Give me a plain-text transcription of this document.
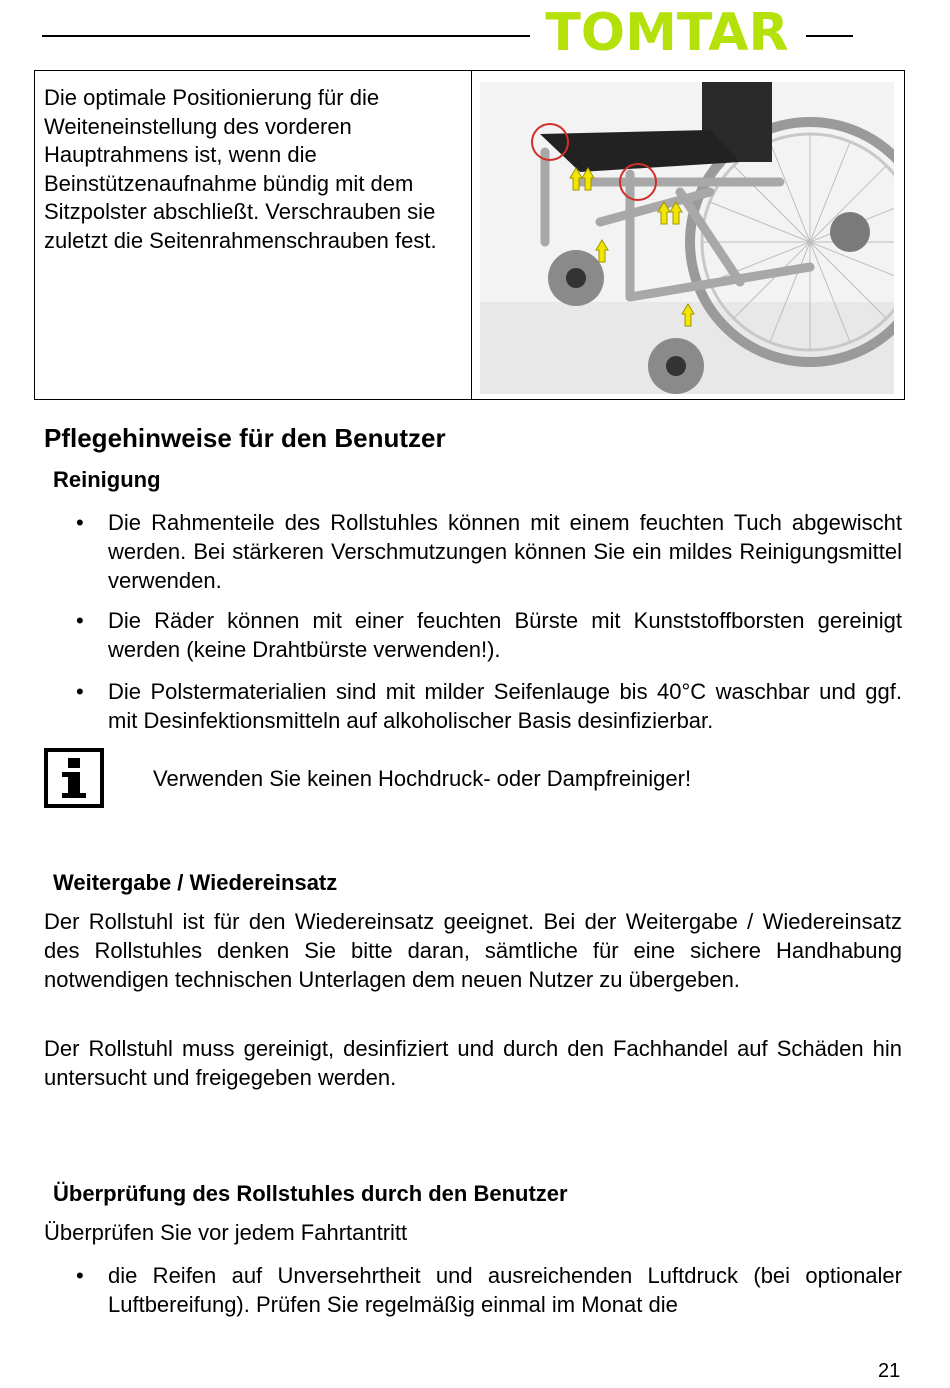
TOMTAR
Die optimale Positionierung für die Weiteneinstellung des vorderen Hauptrahmens ist, wenn die Beinstützenaufnahme bündig mit dem Sitzpolster abschließt. Verschrauben sie zuletzt die Seitenrahmenschrauben fest.
Pflegehinweise für den Benutzer
Reinigung
•	Die Rahmenteile des Rollstuhles können mit einem feuchten Tuch abgewischt werden. Bei stärkeren Verschmutzungen können Sie ein mildes Reinigungsmittel verwenden.
•	Die Räder können mit einer feuchten Bürste mit Kunststoffborsten gereinigt werden (keine Drahtbürste verwenden!).
•	Die Polstermaterialien sind mit milder Seifenlauge bis 40°C waschbar und ggf. mit Desinfektionsmitteln auf alkoholischer Basis desinfizierbar.
Verwenden Sie keinen Hochdruck- oder Dampfreiniger!
Weitergabe / Wiedereinsatz
Der Rollstuhl ist für den Wiedereinsatz geeignet. Bei der Weitergabe / Wiedereinsatz des Rollstuhles denken Sie bitte daran, sämtliche für eine sichere Handhabung notwendigen technischen Unterlagen dem neuen Nutzer zu übergeben.
Der Rollstuhl muss gereinigt, desinfiziert und durch den Fachhandel auf Schäden hin untersucht und freigegeben werden.
Überprüfung des Rollstuhles durch den Benutzer
Überprüfen Sie vor jedem Fahrtantritt
•	die Reifen auf Unversehrtheit und ausreichenden Luftdruck (bei optionaler Luftbereifung). Prüfen Sie regelmäßig einmal im Monat die
21
